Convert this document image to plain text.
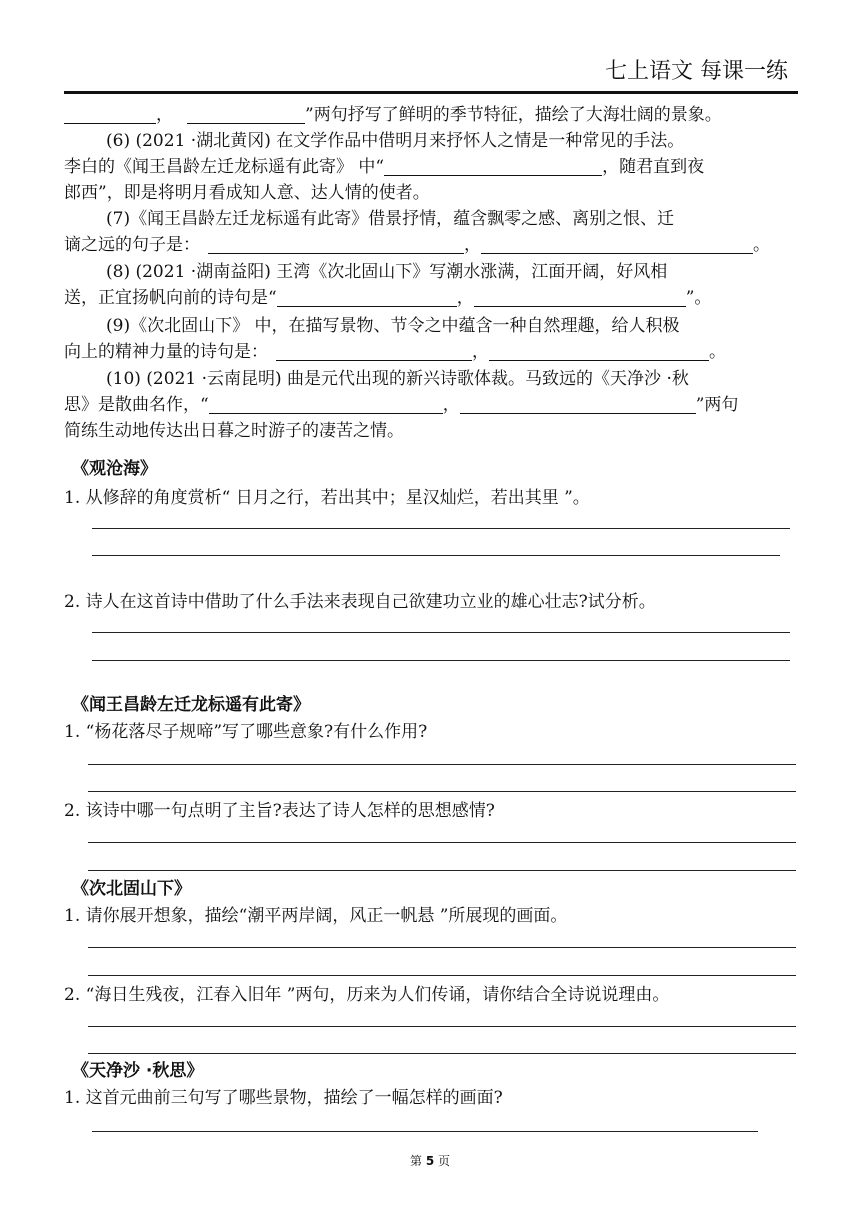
七上语文 每课一练
，	”两句抒写了鲜明的季节特征，描绘了大海壮阔的景象。
(6) (2021 ·湖北黄冈) 在文学作品中借明月来抒怀人之情是一种常见的手法。
李白的《闻王昌龄左迁龙标遥有此寄》 中“	，随君直到夜
郎西”，即是将明月看成知人意、达人情的使者。
(7)《闻王昌龄左迁龙标遥有此寄》借景抒情，蕴含飘零之感、离别之恨、迁
谪之远的句子是：	，	。
(8) (2021 ·湖南益阳) 王湾《次北固山下》写潮水涨满，江面开阔，好风相
送，正宜扬帆向前的诗句是“	，	”。
(9)《次北固山下》 中，在描写景物、节令之中蕴含一种自然理趣，给人积极
向上的精神力量的诗句是：	，	。
(10) (2021 ·云南昆明) 曲是元代出现的新兴诗歌体裁。马致远的《天净沙 ·秋
思》是散曲名作，“	，	”两句
简练生动地传达出日暮之时游子的凄苦之情。
《观沧海》
1. 从修辞的角度赏析“ 日月之行，若出其中；星汉灿烂，若出其里 ”。
2. 诗人在这首诗中借助了什么手法来表现自己欲建功立业的雄心壮志?试分析。
《闻王昌龄左迁龙标遥有此寄》
1. “杨花落尽子规啼”写了哪些意象?有什么作用?
2. 该诗中哪一句点明了主旨?表达了诗人怎样的思想感情?
《次北固山下》
1. 请你展开想象，描绘“潮平两岸阔，风正一帆悬 ”所展现的画面。
2. “海日生残夜，江春入旧年 ”两句，历来为人们传诵，请你结合全诗说说理由。
《天净沙 ·秋思》
1. 这首元曲前三句写了哪些景物，描绘了一幅怎样的画面?
第 5 页
